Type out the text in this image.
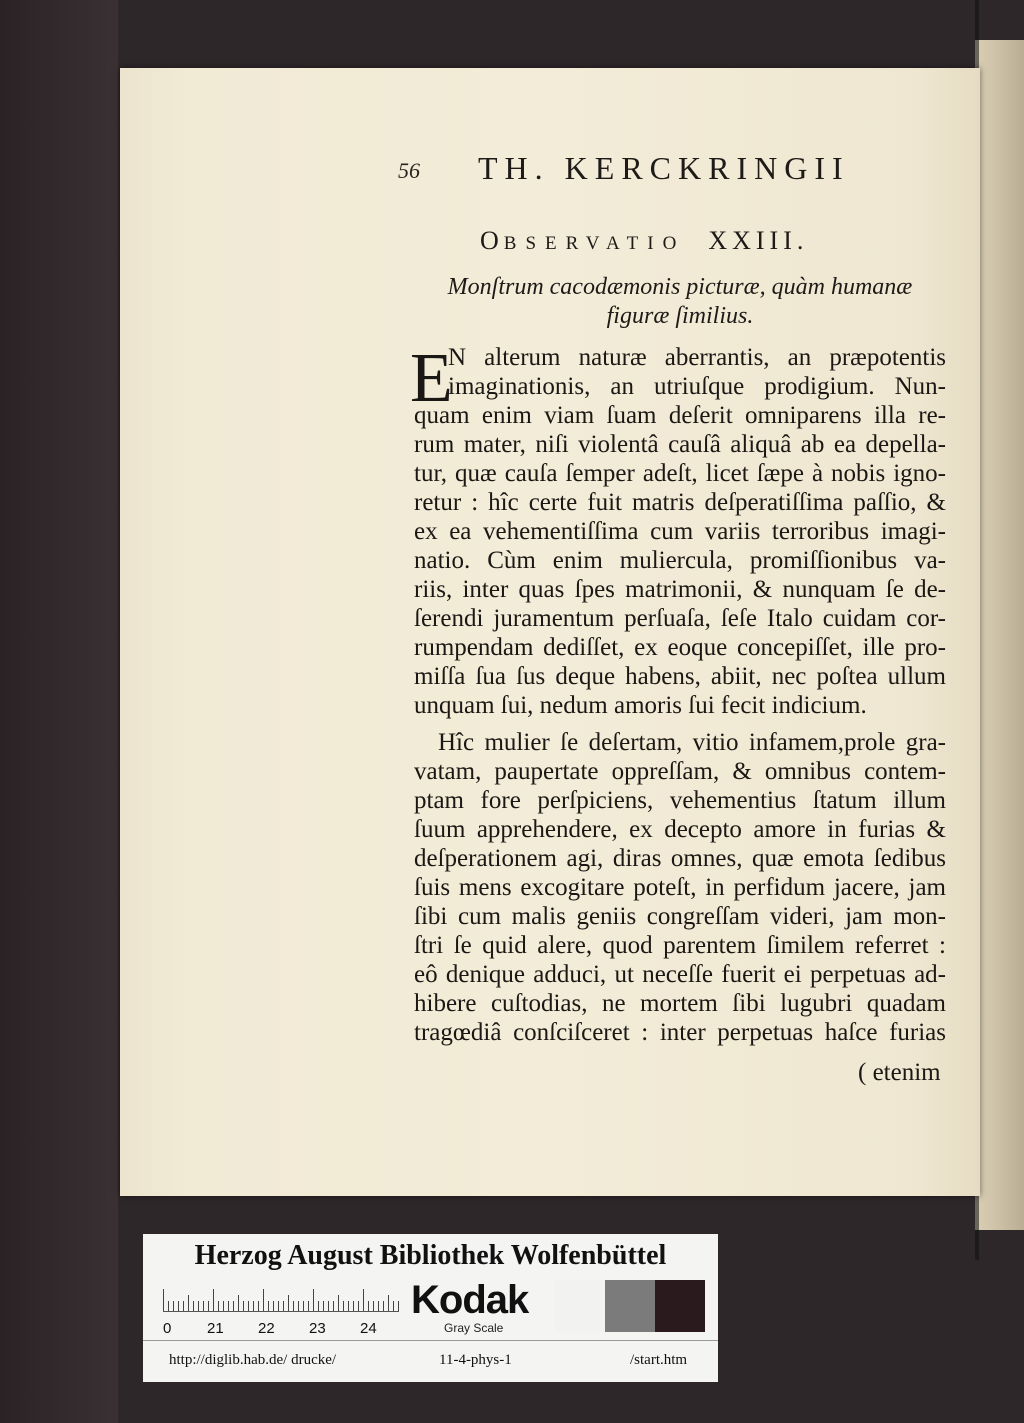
56 TH. KERCKRINGII
OBSERVATIO XXIII.
Monſtrum cacodæmonis picturæ, quàm humanæ
figuræ ſimilius.
E
N alterum naturæ aberrantis, an præpotentis
imaginationis, an utriuſque prodigium. Nun-
quam enim viam ſuam deſerit omniparens illa re-
rum mater, niſi violentâ cauſâ aliquâ ab ea depella-
tur, quæ cauſa ſemper adeſt, licet ſæpe à nobis igno-
retur : hîc certe fuit matris deſperatiſſima paſſio, &
ex ea vehementiſſima cum variis terroribus imagi-
natio. Cùm enim muliercula, promiſſionibus va-
riis, inter quas ſpes matrimonii, & nunquam ſe de-
ſerendi juramentum perſuaſa, ſeſe Italo cuidam cor-
rumpendam dediſſet, ex eoque concepiſſet, ille pro-
miſſa ſua ſus deque habens, abiit, nec poſtea ullum
unquam ſui, nedum amoris ſui fecit indicium.
Hîc mulier ſe deſertam, vitio infamem,prole gra-
vatam, paupertate oppreſſam, & omnibus contem-
ptam fore perſpiciens, vehementius ſtatum illum
ſuum apprehendere, ex decepto amore in furias &
deſperationem agi, diras omnes, quæ emota ſedibus
ſuis mens excogitare poteſt, in perfidum jacere, jam
ſibi cum malis geniis congreſſam videri, jam mon-
ſtri ſe quid alere, quod parentem ſimilem referret :
eô denique adduci, ut neceſſe fuerit ei perpetuas ad-
hibere cuſtodias, ne mortem ſibi lugubri quadam
tragœdiâ conſciſceret : inter perpetuas haſce furias
( etenim
Herzog August Bibliothek Wolfenbüttel
0 21 22 23 24
Kodak
Gray Scale
http://diglib.hab.de/ drucke/	11-4-phys-1	/start.htm
